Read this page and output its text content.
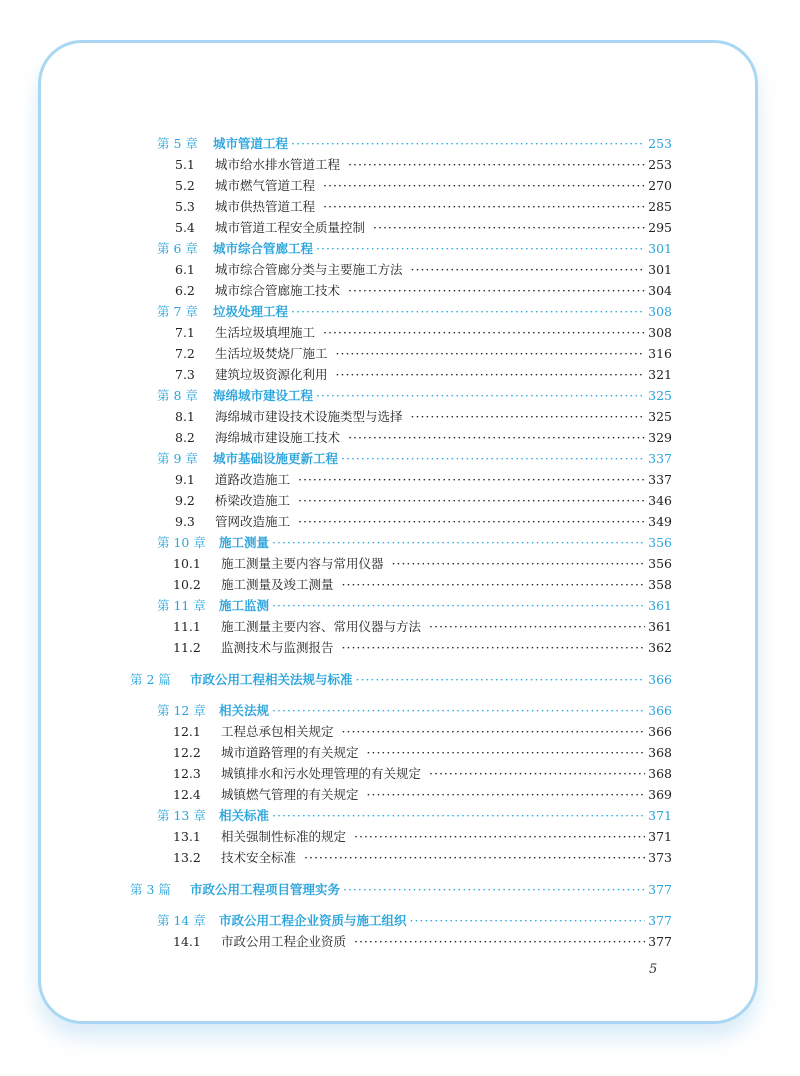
第 5 章	城市管道工程 ·····	253
5.1	城市给水排水管道工程 ·····	253
5.2	城市燃气管道工程 ·····	270
5.3	城市供热管道工程 ·····	285
5.4	城市管道工程安全质量控制 ·····	295
第 6 章	城市综合管廊工程 ·····	301
6.1	城市综合管廊分类与主要施工方法 ·····	301
6.2	城市综合管廊施工技术 ·····	304
第 7 章	垃圾处理工程 ·····	308
7.1	生活垃圾填埋施工 ·····	308
7.2	生活垃圾焚烧厂施工 ·····	316
7.3	建筑垃圾资源化利用 ·····	321
第 8 章	海绵城市建设工程 ·····	325
8.1	海绵城市建设技术设施类型与选择 ·····	325
8.2	海绵城市建设施工技术 ·····	329
第 9 章	城市基础设施更新工程 ·····	337
9.1	道路改造施工 ·····	337
9.2	桥梁改造施工 ·····	346
9.3	管网改造施工 ·····	349
第 10 章	施工测量 ·····	356
10.1	施工测量主要内容与常用仪器 ·····	356
10.2	施工测量及竣工测量 ·····	358
第 11 章	施工监测 ·····	361
11.1	施工测量主要内容、常用仪器与方法 ·····	361
11.2	监测技术与监测报告 ·····	362
第 2 篇	市政公用工程相关法规与标准 ·····	366
第 12 章	相关法规 ·····	366
12.1	工程总承包相关规定 ·····	366
12.2	城市道路管理的有关规定 ·····	368
12.3	城镇排水和污水处理管理的有关规定 ·····	368
12.4	城镇燃气管理的有关规定 ·····	369
第 13 章	相关标准 ·····	371
13.1	相关强制性标准的规定 ·····	371
13.2	技术安全标准 ·····	373
第 3 篇	市政公用工程项目管理实务 ·····	377
第 14 章	市政公用工程企业资质与施工组织 ·····	377
14.1	市政公用工程企业资质 ·····	377
5
